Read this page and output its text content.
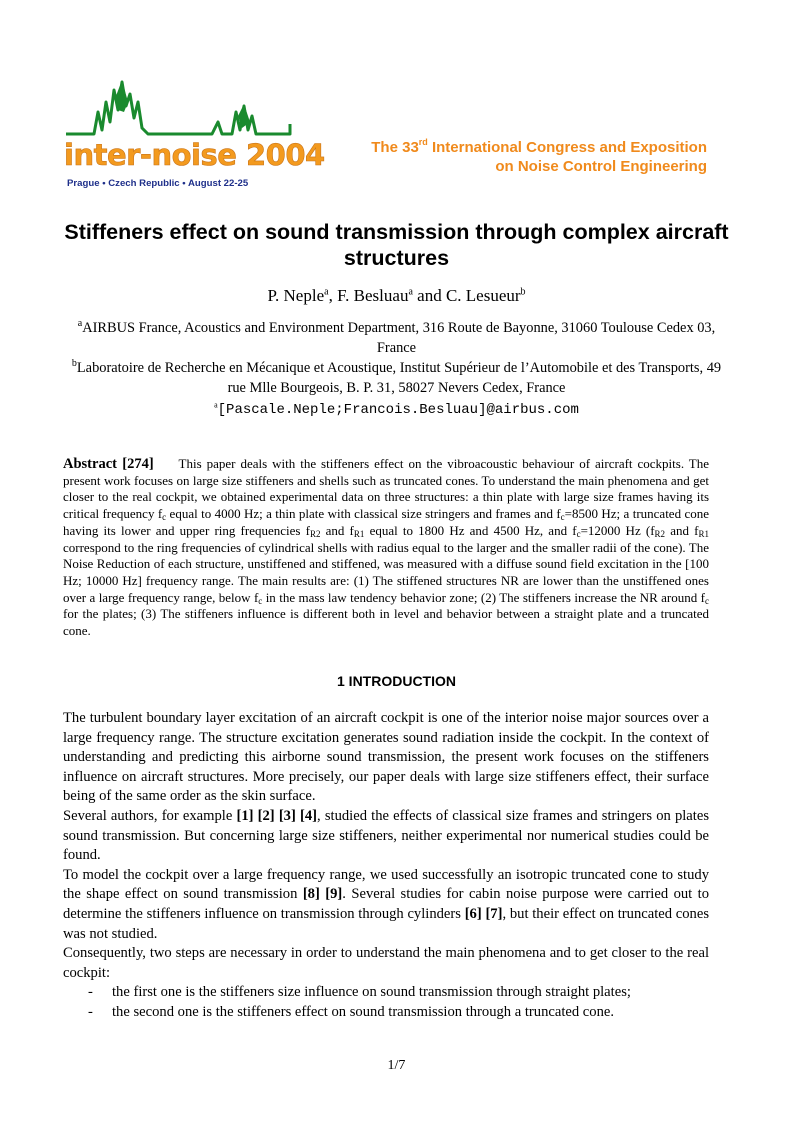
inter-noise 2004
Prague • Czech Republic • August 22-25
The 33rd International Congress and Exposition
on Noise Control Engineering
Stiffeners effect on sound transmission through complex aircraft structures
P. Neple$^a$, F. Besluau$^a$ and C. Lesueur$^b$
$^a$AIRBUS France, Acoustics and Environment Department, 316 Route de Bayonne, 31060 Toulouse Cedex 03, France
$^b$Laboratoire de Recherche en Mécanique et Acoustique, Institut Supérieur de l’Automobile et des Transports, 49 rue Mlle Bourgeois, B. P. 31, 58027 Nevers Cedex, France
$^a$[Pascale.Neple;Francois.Besluau]@airbus.com

Abstract [274] This paper deals with the stiffeners effect on the vibroacoustic behaviour of aircraft cockpits. The present work focuses on large size stiffeners and shells such as truncated cones. To understand the main phenomena and get closer to the real cockpit, we obtained experimental data on three structures: a thin plate with large size frames having its critical frequency $f_c$ equal to 4000 Hz; a thin plate with classical size stringers and frames and $f_c=8500$ Hz; a truncated cone having its lower and upper ring frequencies $f_{R2}$ and $f_{R1}$ equal to 1800 Hz and 4500 Hz, and $f_c=12000$ Hz ($f_{R2}$ and $f_{R1}$ correspond to the ring frequencies of cylindrical shells with radius equal to the larger and the smaller radii of the cone). The Noise Reduction of each structure, unstiffened and stiffened, was measured with a diffuse sound field excitation in the [100 Hz; 10000 Hz] frequency range. The main results are: (1) The stiffened structures NR are lower than the unstiffened ones over a large frequency range, below $f_c$ in the mass law tendency behavior zone; (2) The stiffeners increase the NR around $f_c$ for the plates; (3) The stiffeners influence is different both in level and behavior between a straight plate and a truncated cone.

1 INTRODUCTION

The turbulent boundary layer excitation of an aircraft cockpit is one of the interior noise major sources over a large frequency range. The structure excitation generates sound radiation inside the cockpit. In the context of understanding and predicting this airborne sound transmission, the present work focuses on the stiffeners influence on aircraft structures. More precisely, our paper deals with large size stiffeners effect, their surface being of the same order as the skin surface.

Several authors, for example [1] [2] [3] [4], studied the effects of classical size frames and stringers on plates sound transmission. But concerning large size stiffeners, neither experimental nor numerical studies could be found.

To model the cockpit over a large frequency range, we used successfully an isotropic truncated cone to study the shape effect on sound transmission [8] [9]. Several studies for cabin noise purpose were carried out to determine the stiffeners influence on transmission through cylinders [6] [7], but their effect on truncated cones was not studied.

Consequently, two steps are necessary in order to understand the main phenomena and to get closer to the real cockpit:

- the first one is the stiffeners size influence on sound transmission through straight plates;
- the second one is the stiffeners effect on sound transmission through a truncated cone.
1/7
